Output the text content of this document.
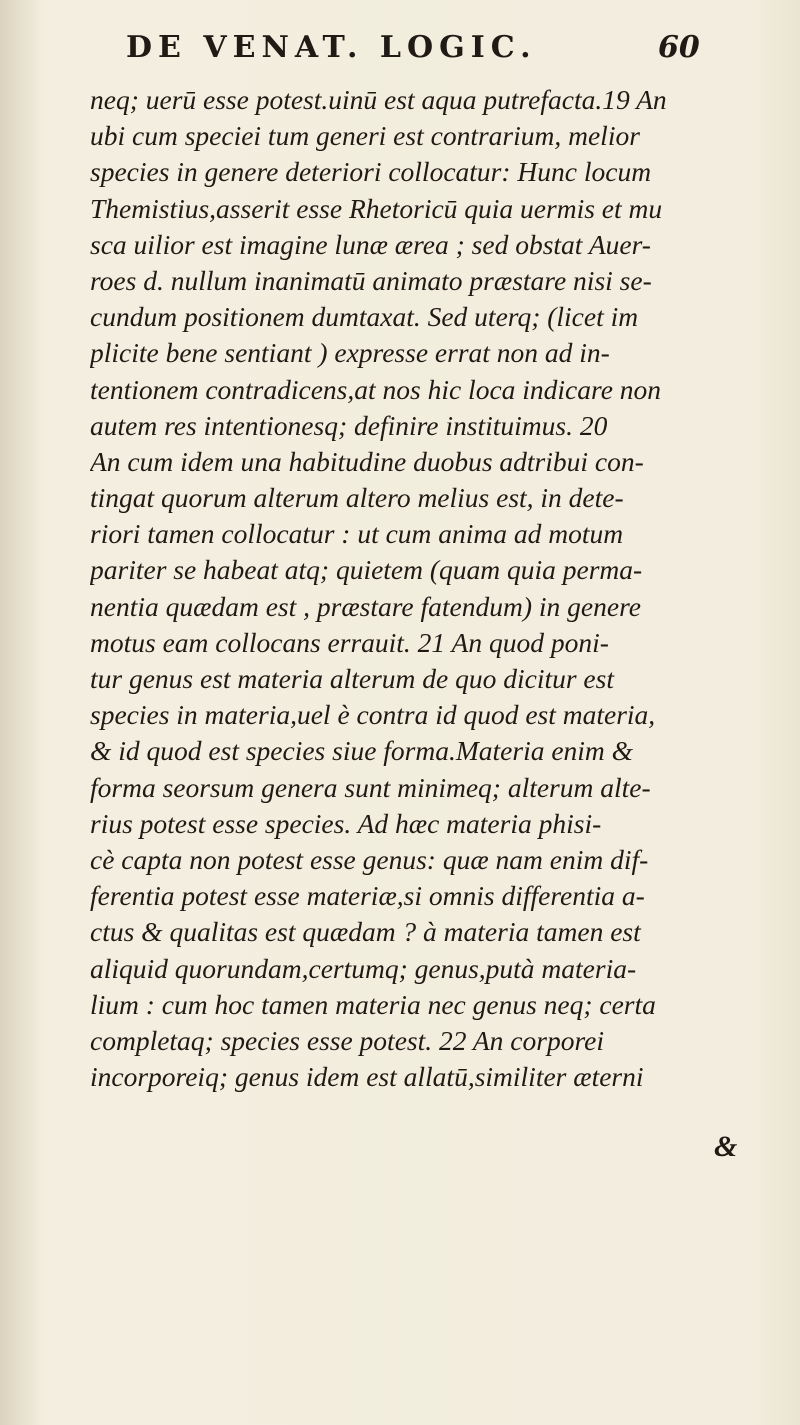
DE VENAT. LOGIC.	60
neq; uerū esse potest.uinū est aqua putrefacta.19 An
ubi cum speciei tum generi est contrarium, melior
species in genere deteriori collocatur: Hunc locum
Themistius,asserit esse Rhetoricū quia uermis et mu
sca uilior est imagine lunæ ærea ; sed obstat Auer-
roes d. nullum inanimatū animato præstare nisi se-
cundum positionem dumtaxat. Sed uterq; (licet im
plicite bene sentiant ) expresse errat non ad in-
tentionem contradicens,at nos hic loca indicare non
autem res intentionesq; definire instituimus. 20
An cum idem una habitudine duobus adtribui con-
tingat quorum alterum altero melius est, in dete-
riori tamen collocatur : ut cum anima ad motum
pariter se habeat atq; quietem (quam quia perma-
nentia quædam est , præstare fatendum) in genere
motus eam collocans errauit. 21 An quod poni-
tur genus est materia alterum de quo dicitur est
species in materia,uel è contra id quod est materia,
& id quod est species siue forma.Materia enim &
forma seorsum genera sunt minimeq; alterum alte-
rius potest esse species. Ad hæc materia phisi-
cè capta non potest esse genus: quæ nam enim dif-
ferentia potest esse materiæ,si omnis differentia a-
ctus & qualitas est quædam ? à materia tamen est
aliquid quorundam,certumq; genus,putà materia-
lium : cum hoc tamen materia nec genus neq; certa
completaq; species esse potest. 22 An corporei
incorporeiq; genus idem est allatū,similiter æterni
&
